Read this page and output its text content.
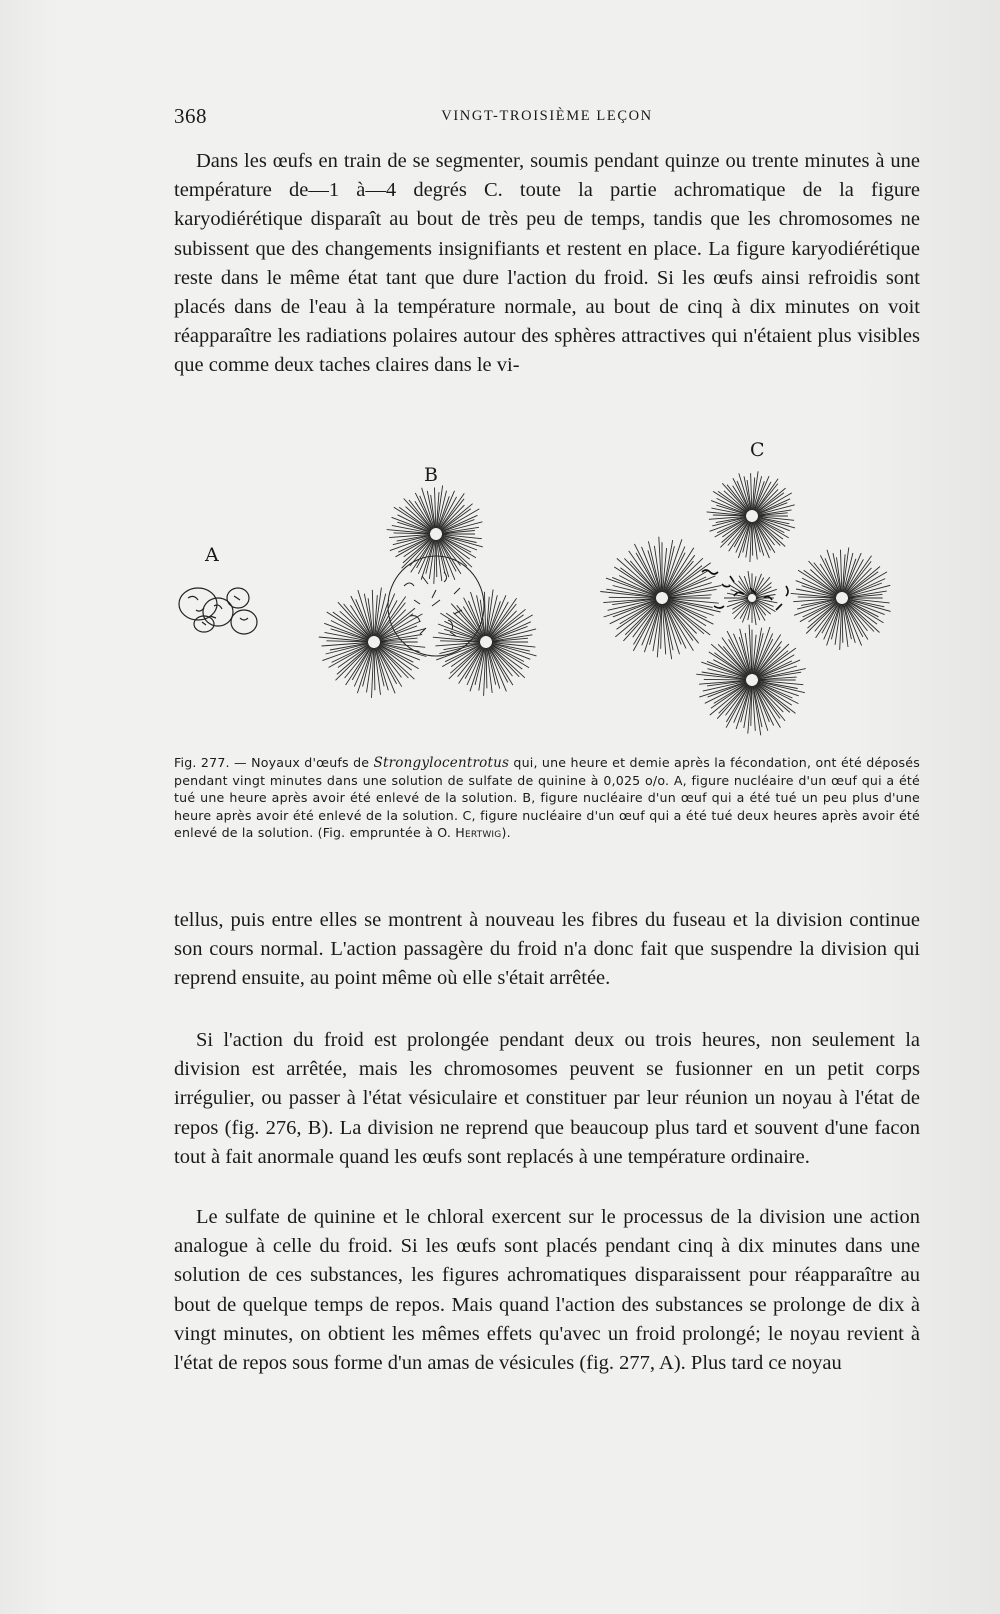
368	VINGT-TROISIÈME LEÇON

Dans les œufs en train de se segmenter, soumis pendant quinze ou trente minutes à une température de—1 à—4 degrés C. toute la partie achromatique de la figure karyodiérétique disparaît au bout de très peu de temps, tandis que les chromosomes ne subissent que des changements insignifiants et restent en place. La figure karyodiérétique reste dans le même état tant que dure l'action du froid. Si les œufs ainsi refroidis sont placés dans de l'eau à la température normale, au bout de cinq à dix minutes on voit réapparaître les radiations polaires autour des sphères attractives qui n'étaient plus visibles que comme deux taches claires dans le vi-

A
B
C

Fig. 277. — Noyaux d'œufs de Strongylocentrotus qui, une heure et demie après la fécondation, ont été déposés pendant vingt minutes dans une solution de sulfate de quinine à 0,025 o/o. A, figure nucléaire d'un œuf qui a été tué une heure après avoir été enlevé de la solution. B, figure nucléaire d'un œuf qui a été tué un peu plus d'une heure après avoir été enlevé de la solution. C, figure nucléaire d'un œuf qui a été tué deux heures après avoir été enlevé de la solution. (Fig. empruntée à O. Hertwig).

tellus, puis entre elles se montrent à nouveau les fibres du fuseau et la division continue son cours normal. L'action passagère du froid n'a donc fait que suspendre la division qui reprend ensuite, au point même où elle s'était arrêtée.

Si l'action du froid est prolongée pendant deux ou trois heures, non seulement la division est arrêtée, mais les chromosomes peuvent se fusionner en un petit corps irrégulier, ou passer à l'état vésiculaire et constituer par leur réunion un noyau à l'état de repos (fig. 276, B). La division ne reprend que beaucoup plus tard et souvent d'une facon tout à fait anormale quand les œufs sont replacés à une température ordinaire.

Le sulfate de quinine et le chloral exercent sur le processus de la division une action analogue à celle du froid. Si les œufs sont placés pendant cinq à dix minutes dans une solution de ces substances, les figures achromatiques disparaissent pour réapparaître au bout de quelque temps de repos. Mais quand l'action des substances se prolonge de dix à vingt minutes, on obtient les mêmes effets qu'avec un froid prolongé; le noyau revient à l'état de repos sous forme d'un amas de vésicules (fig. 277, A). Plus tard ce noyau
